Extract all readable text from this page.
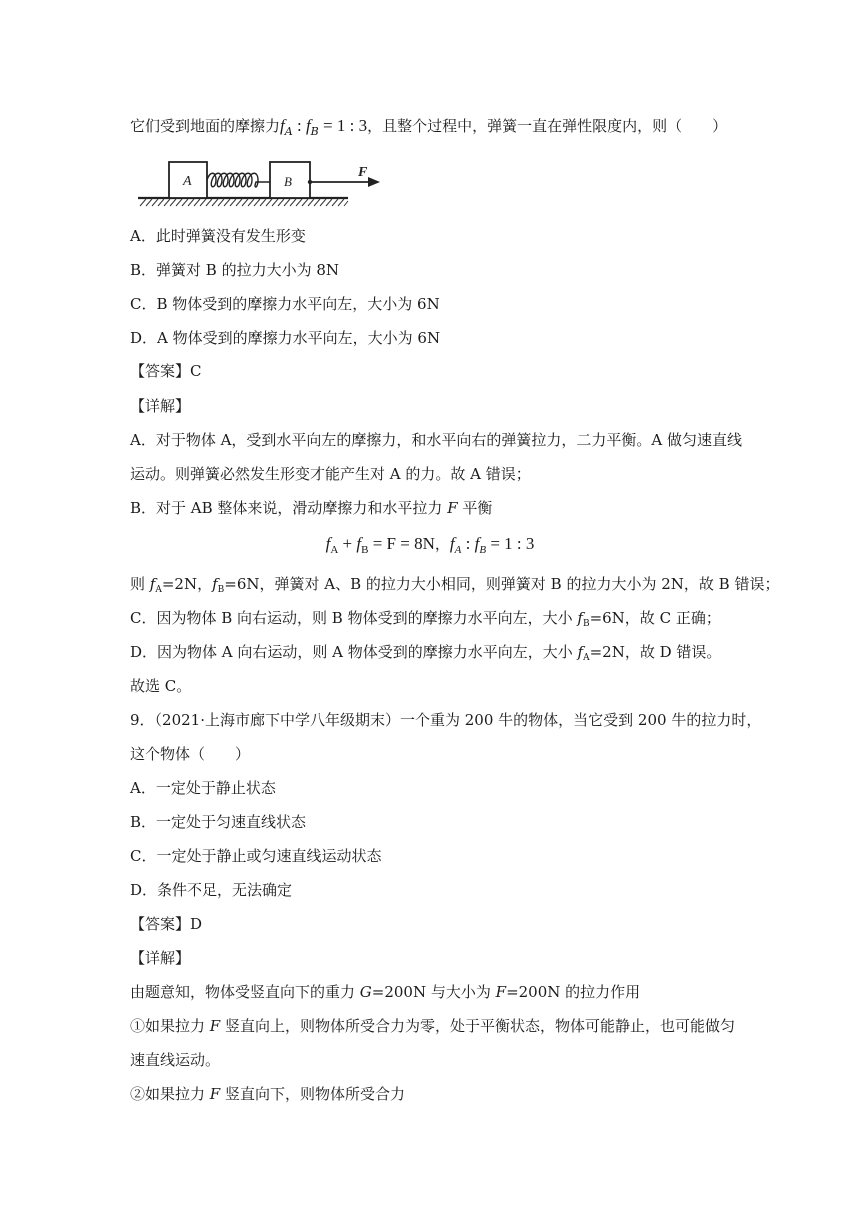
它们受到地面的摩擦力$f_A$ : $f_B = 1$ : 3，且整个过程中，弹簧一直在弹性限度内，则（　　）
A	B
F
A．此时弹簧没有发生形变
B．弹簧对 B 的拉力大小为 8N
C．B 物体受到的摩擦力水平向左，大小为 6N
D．A 物体受到的摩擦力水平向左，大小为 6N
【答案】C
【详解】
A．对于物体 A，受到水平向左的摩擦力，和水平向右的弹簧拉力，二力平衡。A 做匀速直线
运动。则弹簧必然发生形变才能产生对 A 的力。故 A 错误；
B．对于 AB 整体来说，滑动摩擦力和水平拉力 F 平衡
$f_A + f_B = F = 8N$，$f_A$ : $f_B = 1$ : 3
则 $f_A=2N$，$f_B=6N$，弹簧对 A、B 的拉力大小相同，则弹簧对 B 的拉力大小为 2N，故 B 错误；
C．因为物体 B 向右运动，则 B 物体受到的摩擦力水平向左，大小 $f_B=6N$，故 C 正确；
D．因为物体 A 向右运动，则 A 物体受到的摩擦力水平向左，大小 $f_A=2N$，故 D 错误。
故选 C。
9．（2021·上海市廊下中学八年级期末）一个重为 200 牛的物体，当它受到 200 牛的拉力时，
这个物体（　　）
A．一定处于静止状态
B．一定处于匀速直线状态
C．一定处于静止或匀速直线运动状态
D．条件不足，无法确定
【答案】D
【详解】
由题意知，物体受竖直向下的重力 G=200N 与大小为 F=200N 的拉力作用
①如果拉力 F 竖直向上，则物体所受合力为零，处于平衡状态，物体可能静止，也可能做匀
速直线运动。
②如果拉力 F 竖直向下，则物体所受合力
